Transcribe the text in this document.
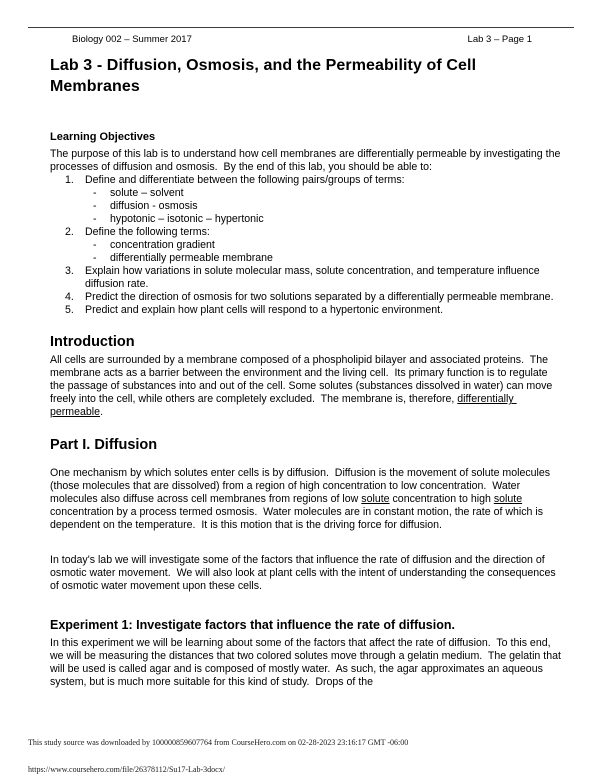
Biology 002 – Summer 2017	Lab 3 – Page 1
Lab 3 - Diffusion, Osmosis, and the Permeability of Cell Membranes
Learning Objectives

The purpose of this lab is to understand how cell membranes are differentially permeable by investigating the processes of diffusion and osmosis.  By the end of this lab, you should be able to:

1. Define and differentiate between the following pairs/groups of terms:
- solute – solvent
- diffusion - osmosis
- hypotonic – isotonic – hypertonic
2. Define the following terms:
- concentration gradient
- differentially permeable membrane
3. Explain how variations in solute molecular mass, solute concentration, and temperature influence diffusion rate.
4. Predict the direction of osmosis for two solutions separated by a differentially permeable membrane.
5. Predict and explain how plant cells will respond to a hypertonic environment.
Introduction

All cells are surrounded by a membrane composed of a phospholipid bilayer and associated proteins.  The membrane acts as a barrier between the environment and the living cell.  Its primary function is to regulate the passage of substances into and out of the cell. Some solutes (substances dissolved in water) can move freely into the cell, while others are completely excluded.  The membrane is, therefore, differentially permeable.

Part I. Diffusion

One mechanism by which solutes enter cells is by diffusion.  Diffusion is the movement of solute molecules (those molecules that are dissolved) from a region of high concentration to low concentration.  Water molecules also diffuse across cell membranes from regions of low solute concentration to high solute concentration by a process termed osmosis.  Water molecules are in constant motion, the rate of which is dependent on the temperature.  It is this motion that is the driving force for diffusion.

In today's lab we will investigate some of the factors that influence the rate of diffusion and the direction of osmotic water movement.  We will also look at plant cells with the intent of understanding the consequences of osmotic water movement upon these cells.

Experiment 1: Investigate factors that influence the rate of diffusion.

In this experiment we will be learning about some of the factors that affect the rate of diffusion.  To this end, we will be measuring the distances that two colored solutes move through a gelatin medium.  The gelatin that will be used is called agar and is composed of mostly water.  As such, the agar approximates an aqueous system, but is much more suitable for this kind of study.  Drops of the

This study source was downloaded by 100000859607764 from CourseHero.com on 02-28-2023 23:16:17 GMT -06:00

https://www.coursehero.com/file/26378112/Su17-Lab-3docx/
